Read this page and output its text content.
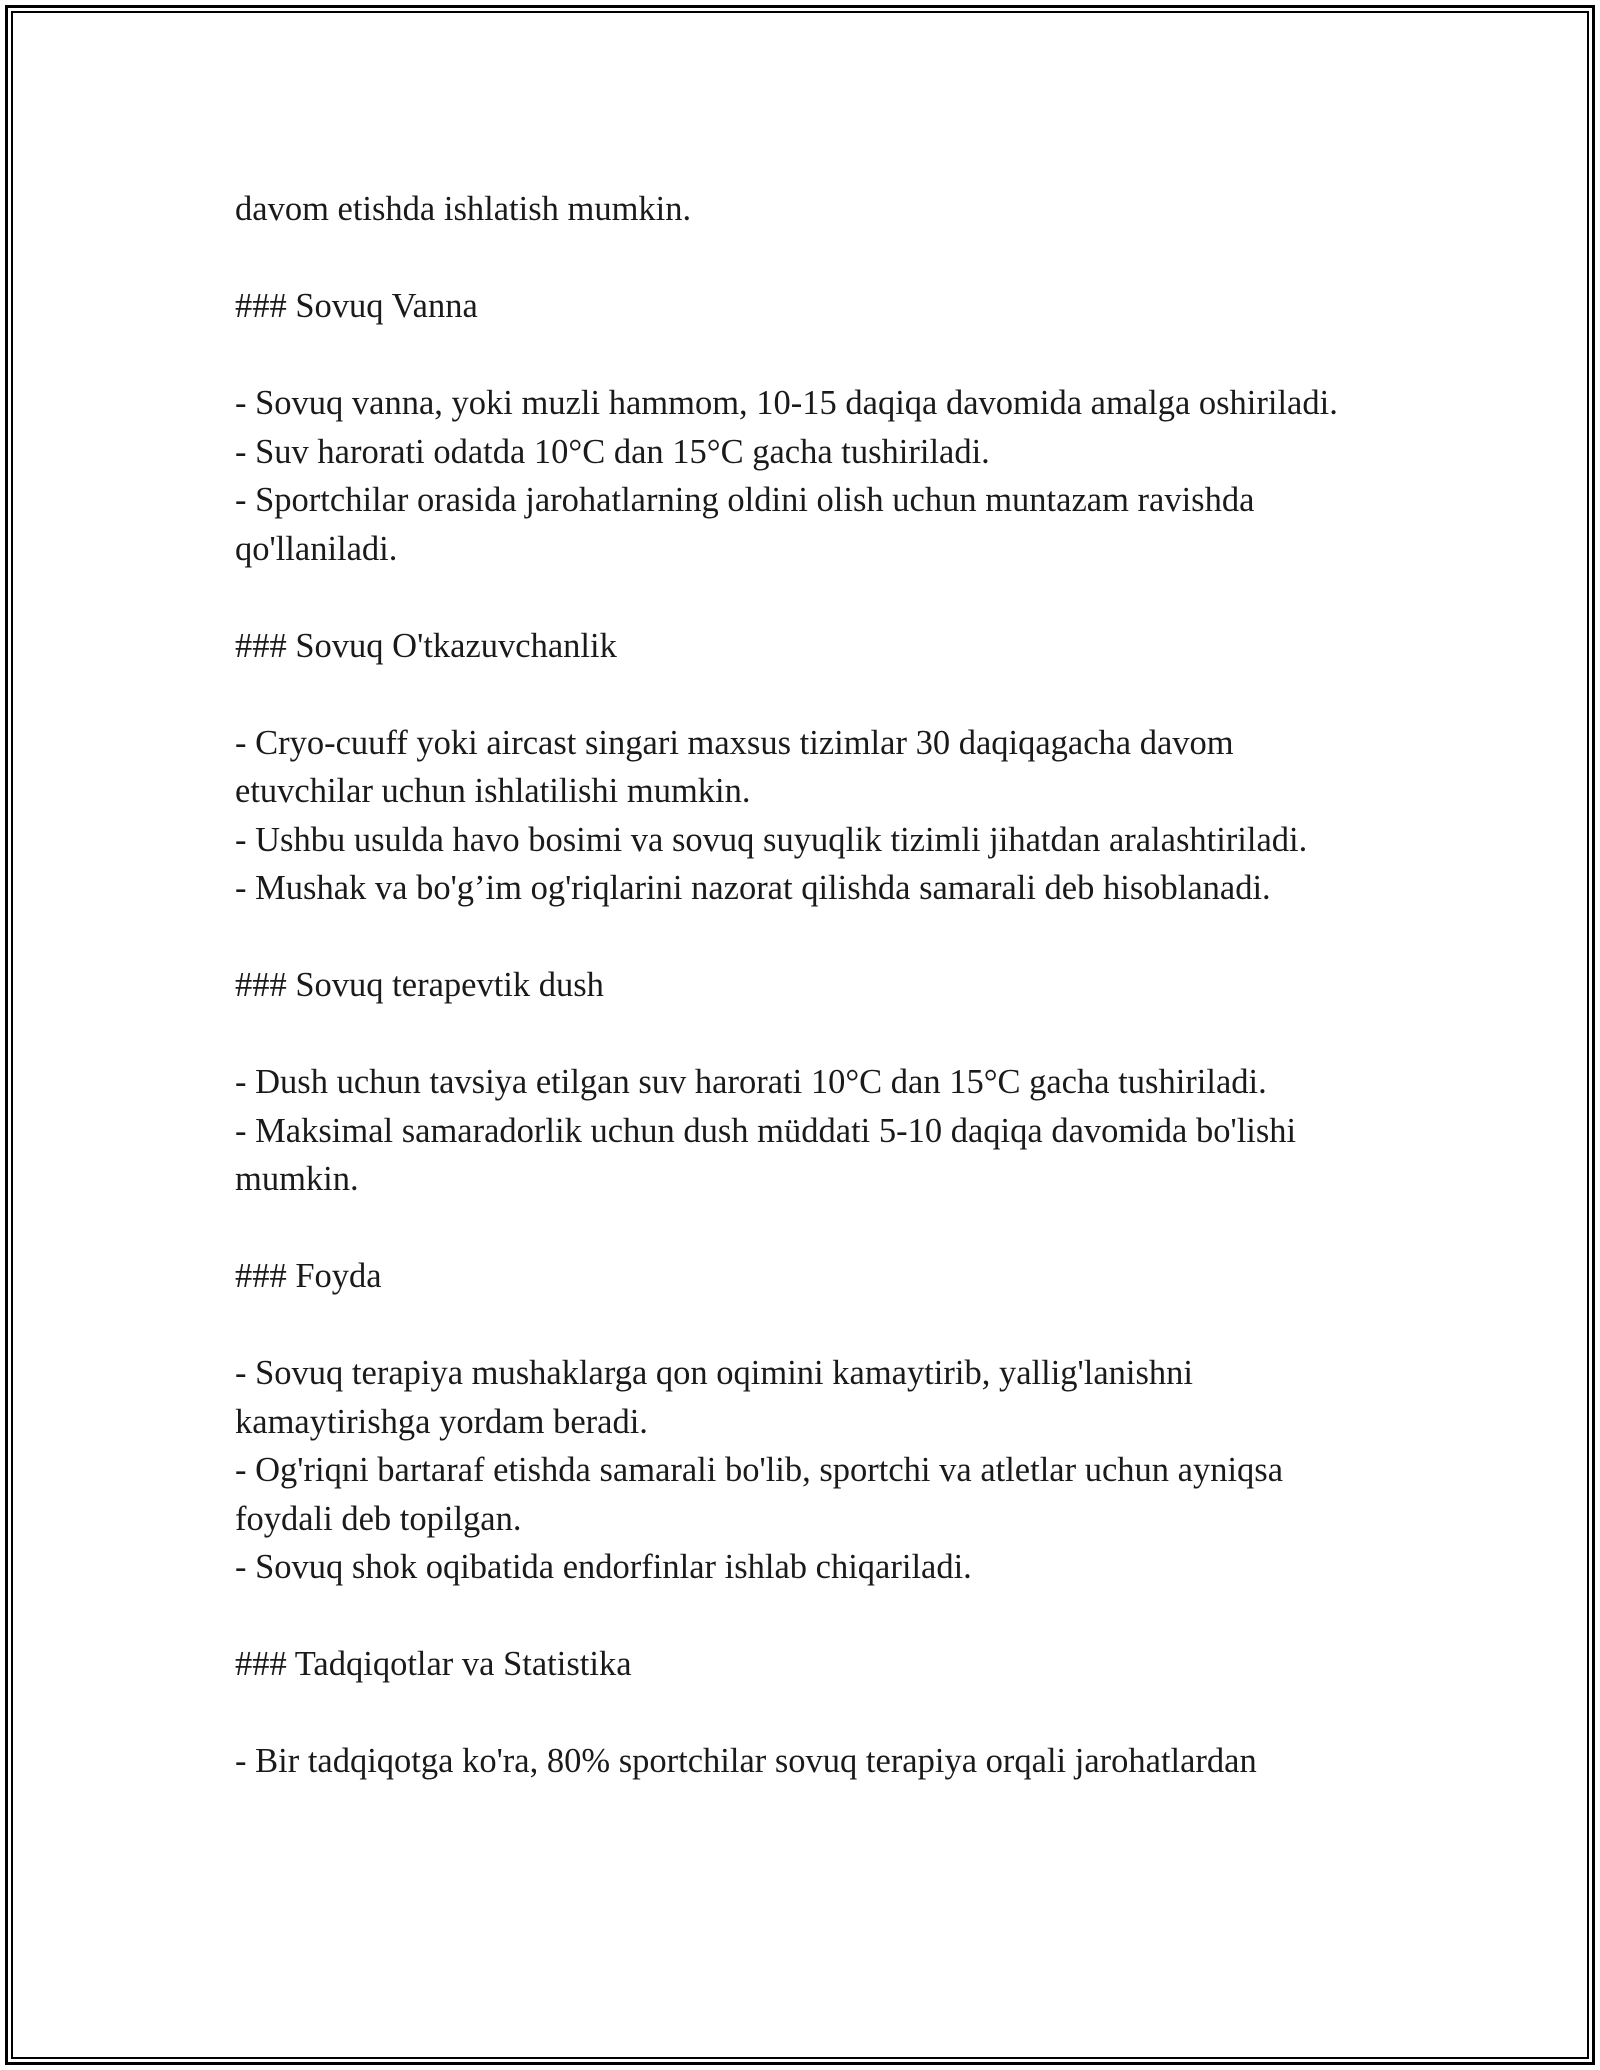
davom etishda ishlatish mumkin.

### Sovuq Vanna

- Sovuq vanna, yoki muzli hammom, 10-15 daqiqa davomida amalga oshiriladi.

- Suv harorati odatda 10°C dan 15°C gacha tushiriladi.

- Sportchilar orasida jarohatlarning oldini olish uchun muntazam ravishda qo'llaniladi.

### Sovuq O'tkazuvchanlik

- Cryo-cuuff yoki aircast singari maxsus tizimlar 30 daqiqagacha davom etuvchilar uchun ishlatilishi mumkin.

- Ushbu usulda havo bosimi va sovuq suyuqlik tizimli jihatdan aralashtiriladi.

- Mushak va bo'g’im og'riqlarini nazorat qilishda samarali deb hisoblanadi.

### Sovuq terapevtik dush

- Dush uchun tavsiya etilgan suv harorati 10°C dan 15°C gacha tushiriladi.

- Maksimal samaradorlik uchun dush müddati 5-10 daqiqa davomida bo'lishi mumkin.

### Foyda

- Sovuq terapiya mushaklarga qon oqimini kamaytirib, yallig'lanishni kamaytirishga yordam beradi.

- Og'riqni bartaraf etishda samarali bo'lib, sportchi va atletlar uchun ayniqsa foydali deb topilgan.

- Sovuq shok oqibatida endorfinlar ishlab chiqariladi.

### Tadqiqotlar va Statistika

- Bir tadqiqotga ko'ra, 80% sportchilar sovuq terapiya orqali jarohatlardan
